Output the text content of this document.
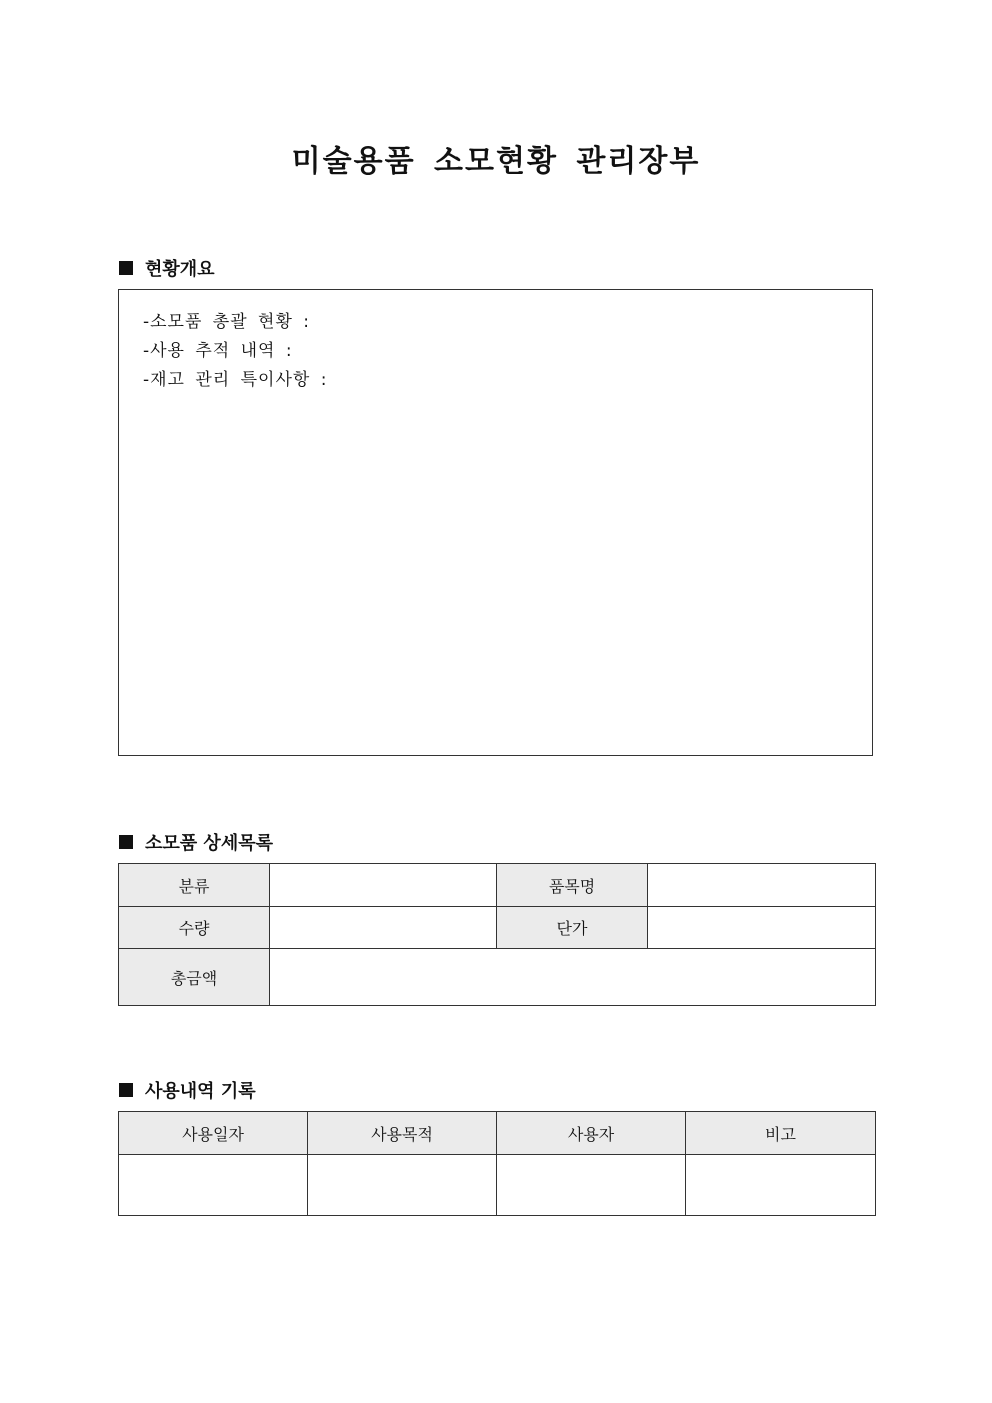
미술용품 소모현황 관리장부
현황개요
-소모품 총괄 현황 :
-사용 추적 내역 :
-재고 관리 특이사항 :
소모품 상세목록
분류		품목명	
수량		단가	
총금액			
사용내역 기록
사용일자	사용목적	사용자	비고
